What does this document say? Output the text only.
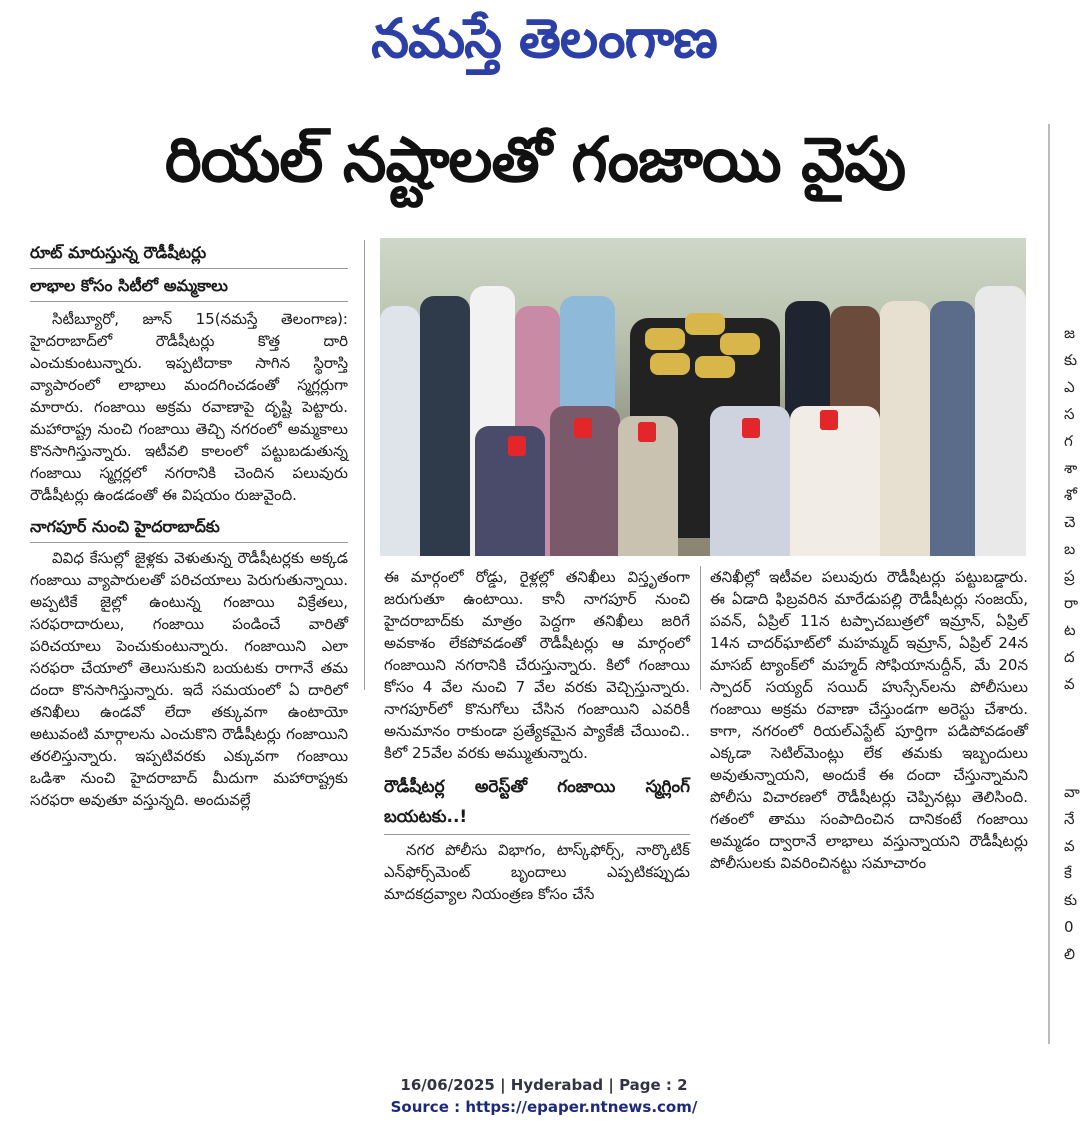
నమస్తే తెలంగాణ
రియల్ నష్టాలతో గంజాయి వైపు
రూట్ మారుస్తున్న రౌడీషీటర్లు
లాభాల కోసం సిటీలో అమ్మకాలు

సిటీబ్యూరో, జూన్ 15(నమస్తే తెలంగాణ): హైదరాబాద్‌లో రౌడీషీటర్లు కొత్త దారి ఎంచుకుంటున్నారు. ఇప్పటిదాకా సాగిన స్థిరాస్తి వ్యాపారంలో లాభాలు మందగించడంతో స్మగ్లర్లుగా మారారు. గంజాయి అక్రమ రవాణాపై దృష్టి పెట్టారు. మహారాష్ట్ర నుంచి గంజాయి తెచ్చి నగరంలో అమ్మకాలు కొనసాగిస్తున్నారు. ఇటీవలి కాలంలో పట్టుబడుతున్న గంజాయి స్మగ్లర్లలో నగరానికి చెందిన పలువురు రౌడీషీటర్లు ఉండడంతో ఈ విషయం రుజువైంది.

నాగపూర్ నుంచి హైదరాబాద్‌కు

వివిధ కేసుల్లో జైళ్లకు వెళుతున్న రౌడీషీటర్లకు అక్కడ గంజాయి వ్యాపారులతో పరిచయాలు పెరుగుతున్నాయి. అప్పటికే జైల్లో ఉంటున్న గంజాయి విక్రేతలు, సరఫరాదారులు, గంజాయి పండించే వారితో పరిచయాలు పెంచుకుంటున్నారు. గంజాయిని ఎలా సరఫరా చేయాలో తెలుసుకుని బయటకు రాగానే తమ దందా కొనసాగిస్తున్నారు. ఇదే సమయంలో ఏ దారిలో తనిఖీలు ఉండవో లేదా తక్కువగా ఉంటాయో అటువంటి మార్గాలను ఎంచుకొని రౌడీషీటర్లు గంజాయిని తరలిస్తున్నారు. ఇప్పటివరకు ఎక్కువగా గంజాయి ఒడిశా నుంచి హైదరాబాద్ మీదుగా మహారాష్ట్రకు సరఫరా అవుతూ వస్తున్నది. అందువల్లే

ఈ మార్గంలో రోడ్డు, రైళ్లల్లో తనిఖీలు విస్తృతంగా జరుగుతూ ఉంటాయి. కానీ నాగపూర్ నుంచి హైదరాబాద్‌కు మాత్రం పెద్దగా తనిఖీలు జరిగే అవకాశం లేకపోవడంతో రౌడీషీటర్లు ఆ మార్గంలో గంజాయిని నగరానికి చేరుస్తున్నారు. కిలో గంజాయి కోసం 4 వేల నుంచి 7 వేల వరకు వెచ్చిస్తున్నారు. నాగపూర్‌లో కొనుగోలు చేసిన గంజాయిని ఎవరికీ అనుమానం రాకుండా ప్రత్యేకమైన ప్యాకేజీ చేయించి.. కిలో 25వేల వరకు అమ్ముతున్నారు.

రౌడీషీటర్ల అరెస్ట్‌తో గంజాయి స్మగ్లింగ్ బయటకు..!

నగర పోలీసు విభాగం, టాస్క్‌ఫోర్స్, నార్కొటిక్ ఎన్‌ఫోర్స్‌మెంట్ బృందాలు ఎప్పటికప్పుడు మాదకద్రవ్యాల నియంత్రణ కోసం చేసే

తనిఖీల్లో ఇటీవల పలువురు రౌడీషీటర్లు పట్టుబడ్డారు. ఈ ఏడాది ఫిబ్రవరిన మారేడుపల్లి రౌడీషీటర్లు సంజయ్, పవన్, ఏప్రిల్ 11న టప్పాచబుత్రలో ఇమ్రాన్, ఏప్రిల్ 14న చాదర్‌ఘాట్‌లో మహమ్మద్ ఇమ్రాన్, ఏప్రిల్ 24న మాసబ్ ట్యాంక్‌లో మహ్మద్ సోఫియానుద్దీన్, మే 20న స్పాదర్ సయ్యద్ సయిద్ హుస్సేన్‌లను పోలీసులు గంజాయి అక్రమ రవాణా చేస్తుండగా అరెస్టు చేశారు. కాగా, నగరంలో రియల్‌ఎస్టేట్ పూర్తిగా పడిపోవడంతో ఎక్కడా సెటిల్‌మెంట్లు లేక తమకు ఇబ్బందులు అవుతున్నాయని, అందుకే ఈ దందా చేస్తున్నామని పోలీసు విచారణలో రౌడీషీటర్లు చెప్పినట్లు తెలిసింది. గతంలో తాము సంపాదించిన దానికంటే గంజాయి అమ్మడం ద్వారానే లాభాలు వస్తున్నాయని రౌడీషీటర్లు పోలీసులకు వివరించినట్టు సమాచారం

జ
కు
ఎ
స
గ
శా
శో
చె
బ
ప్ర
రా
ట
ద
వ
వా
నే
వ
కే
కు
0
లి
16/06/2025 | Hyderabad | Page : 2
Source : https://epaper.ntnews.com/
